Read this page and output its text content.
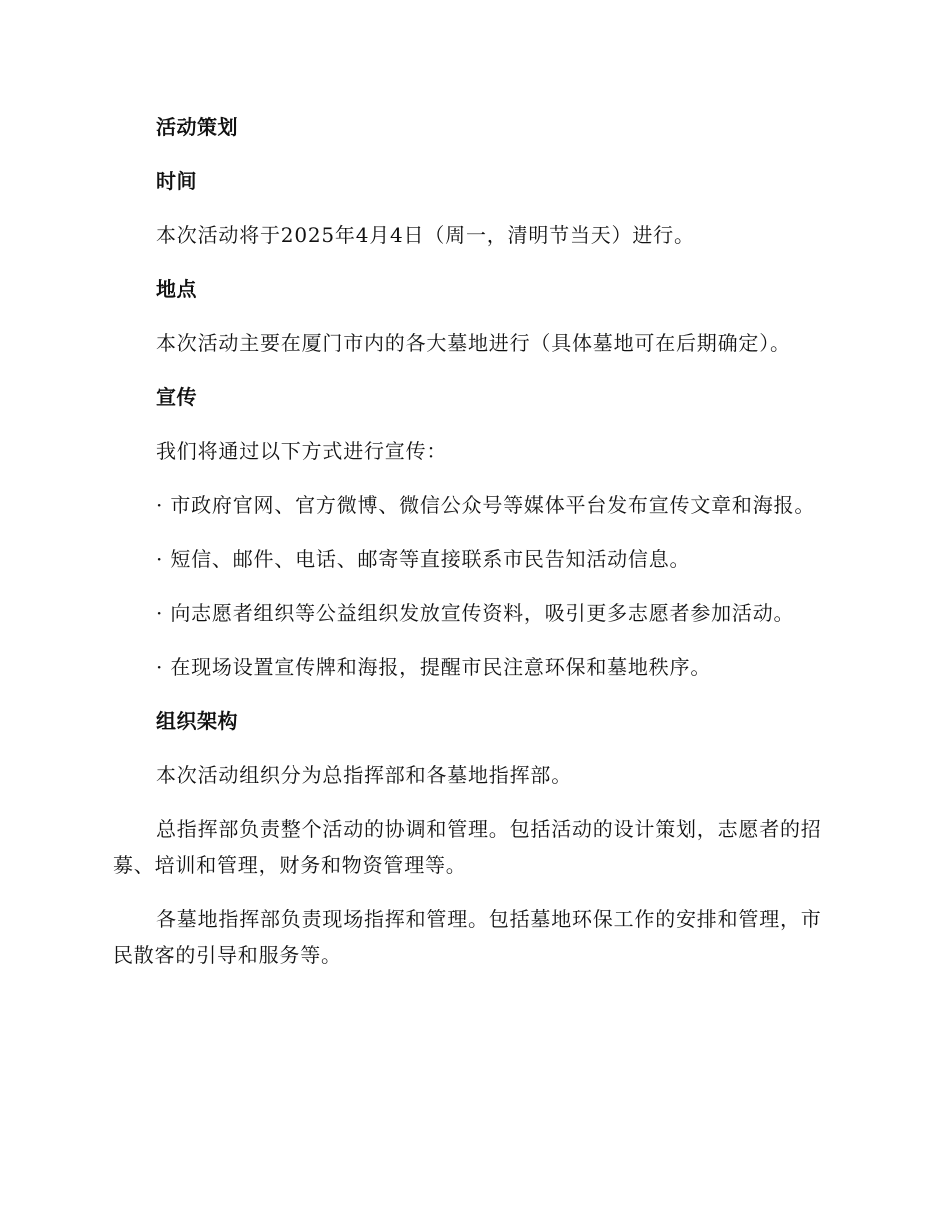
活动策划
时间
本次活动将于2025年4月4日（周一，清明节当天）进行。
地点
本次活动主要在厦门市内的各大墓地进行（具体墓地可在后期确定）。
宣传
我们将通过以下方式进行宣传：
· 市政府官网、官方微博、微信公众号等媒体平台发布宣传文章和海报。
· 短信、邮件、电话、邮寄等直接联系市民告知活动信息。
· 向志愿者组织等公益组织发放宣传资料，吸引更多志愿者参加活动。
· 在现场设置宣传牌和海报，提醒市民注意环保和墓地秩序。
组织架构
本次活动组织分为总指挥部和各墓地指挥部。
总指挥部负责整个活动的协调和管理。包括活动的设计策划，志愿者的招募、培训和管理，财务和物资管理等。
各墓地指挥部负责现场指挥和管理。包括墓地环保工作的安排和管理，市民散客的引导和服务等。
